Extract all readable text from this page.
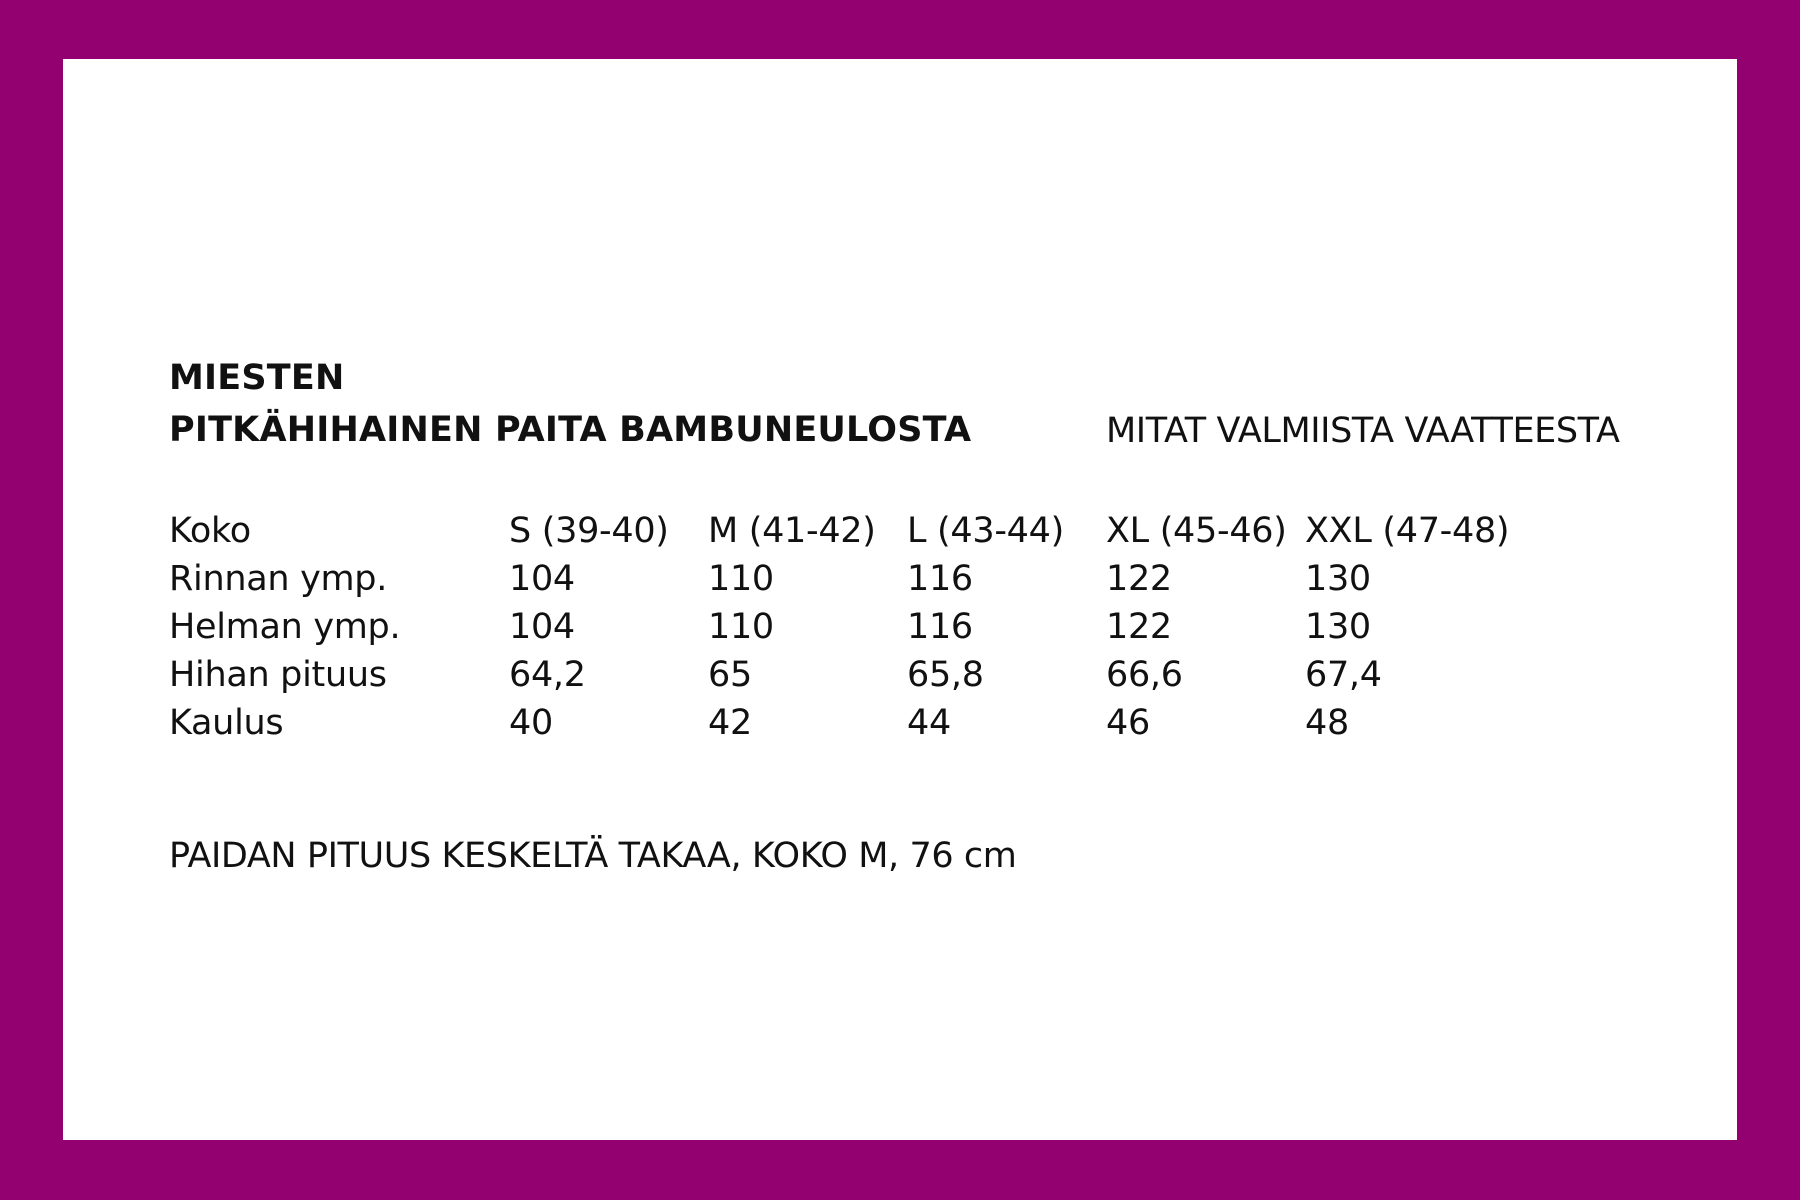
MIESTEN

PITKÄHIHAINEN PAITA BAMBUNEULOSTA	MITAT VALMIISTA VAATTEESTA
Koko	S (39-40)	M (41-42)	L (43-44)	XL (45-46)	XXL (47-48)
Rinnan ymp.	104	110	116	122	130
Helman ymp.	104	110	116	122	130
Hihan pituus	64,2	65	65,8	66,6	67,4
Kaulus	40	42	44	46	48
PAIDAN PITUUS KESKELTÄ TAKAA, KOKO M, 76 cm
